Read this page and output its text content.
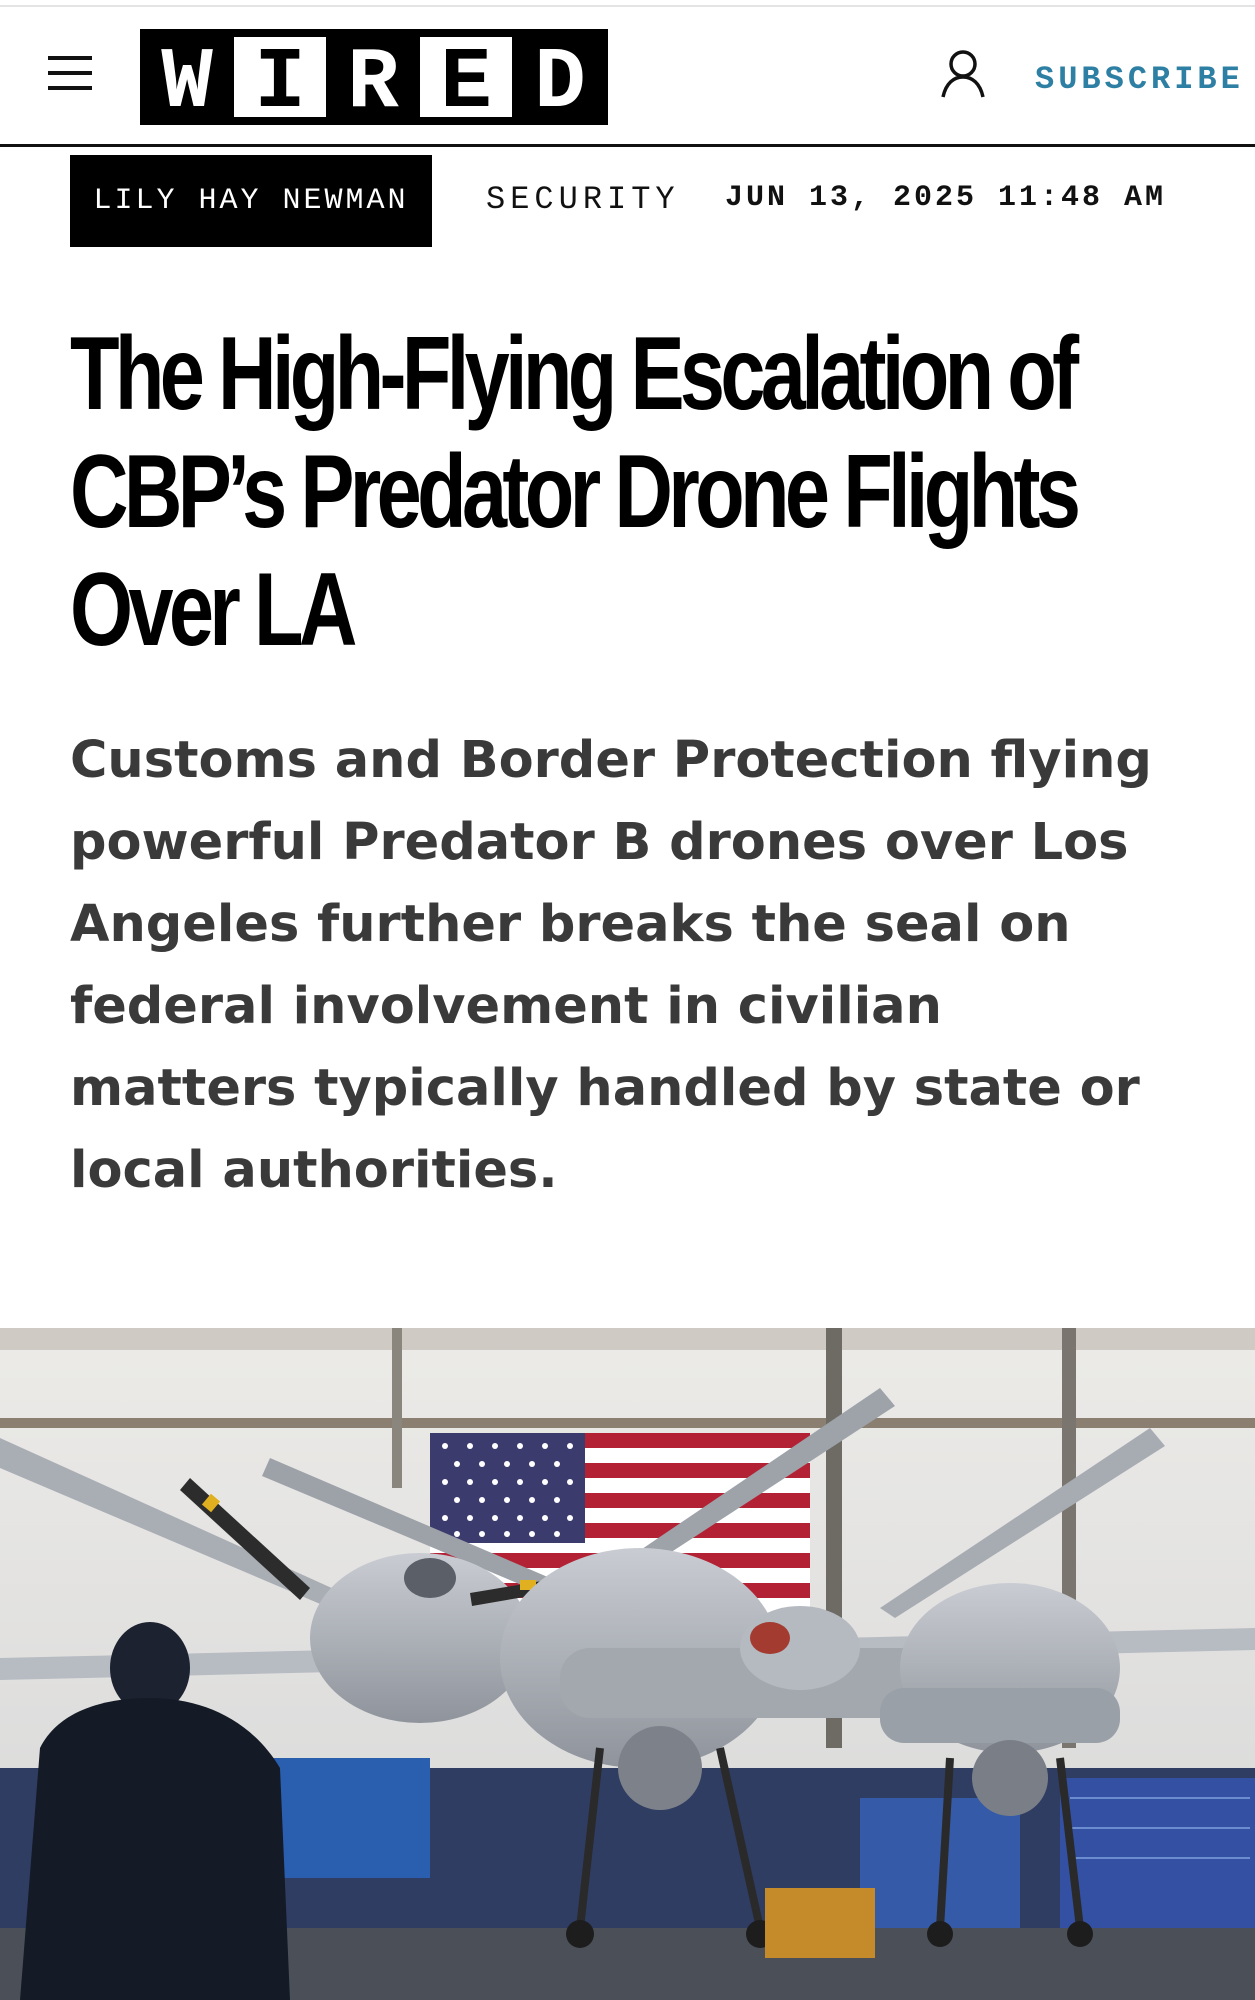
W I R E D	SUBSCRIBE
LILY HAY NEWMAN	SECURITY JUN 13, 2025 11:48 AM
The High-Flying Escalation of CBP’s Predator Drone Flights Over LA

Customs and Border Protection flying powerful Predator B drones over Los Angeles further breaks the seal on federal involvement in civilian matters typically handled by state or local authorities.
